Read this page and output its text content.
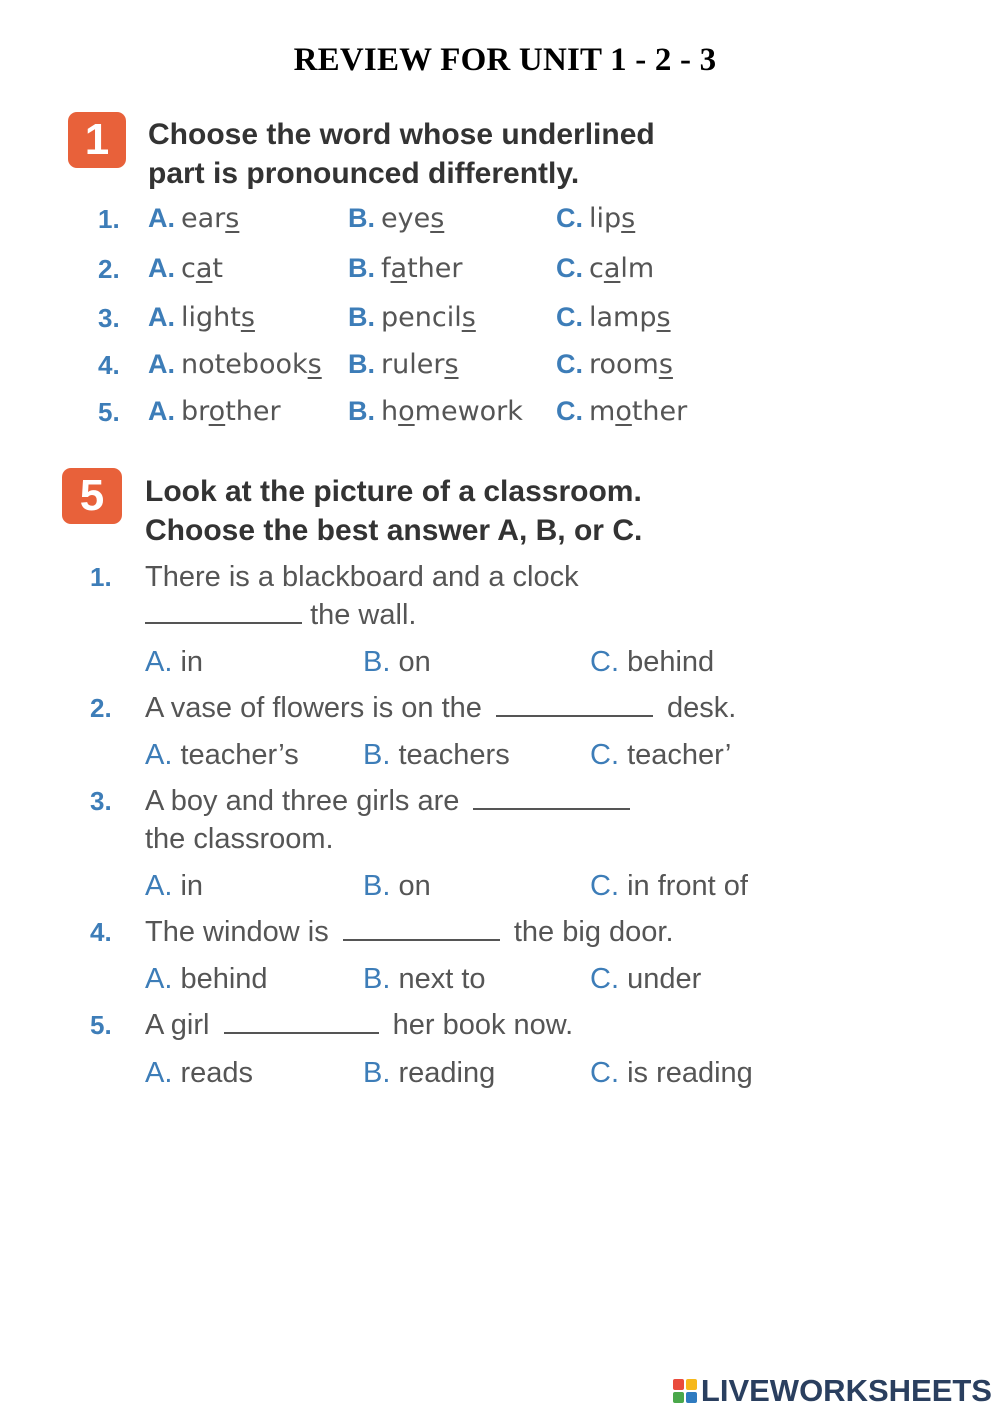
REVIEW FOR UNIT 1 - 2 - 3
1	Choose the word whose underlined
part is pronounced differently.
1. A. ears	B. eyes	C. lips
2. A. cat	B. father	C. calm
3. A. lights	B. pencils	C. lamps
4. A. notebooks B. rulers	C. rooms
5. A. brother B. homework C. mother
5	Look at the picture of a classroom.
Choose the best answer A, B, or C.
1. There is a blackboard and a clock
the wall.
A. in	B. on	C. behind
2. A vase of flowers is on the	desk.
A. teacher’s B. teachers	C. teacher’
3. A boy and three girls are
the classroom.
A. in	B. on	C. in front of
4. The window is	the big door.
A. behind	B. next to	C. under
5. A girl	her book now.
A. reads	B. reading	C. is reading
LIVEWORKSHEETS
